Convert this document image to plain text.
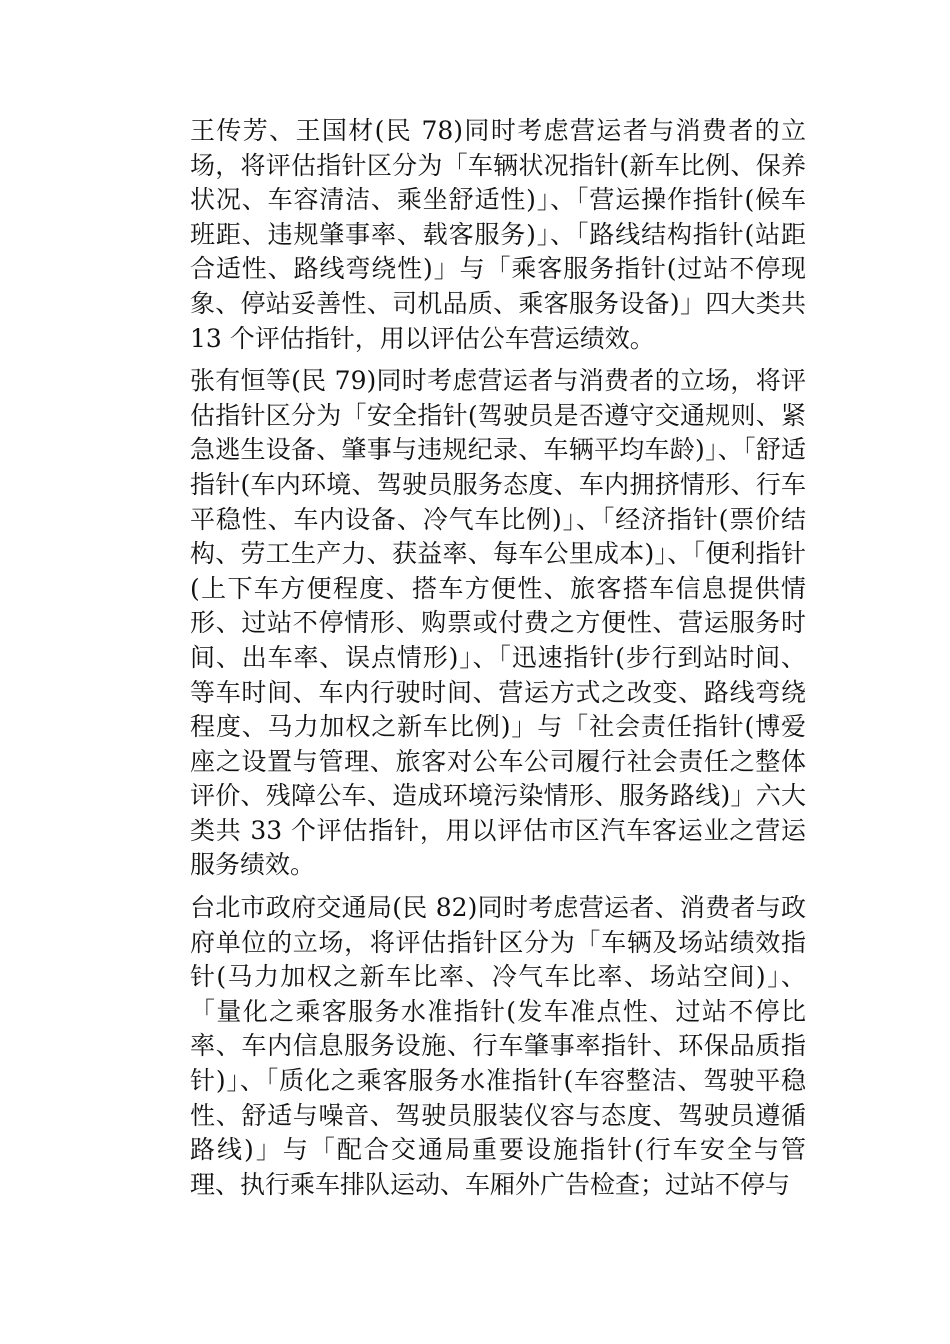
王传芳、王国材(民 78)同时考虑营运者与消费者的立场，将评估指针区分为「车辆状况指针(新车比例、保养状况、车容清洁、乘坐舒适性)」、「营运操作指针(候车班距、违规肇事率、载客服务)」、「路线结构指针(站距合适性、路线弯绕性)」与「乘客服务指针(过站不停现象、停站妥善性、司机品质、乘客服务设备)」四大类共 13 个评估指针，用以评估公车营运绩效。

张有恒等(民 79)同时考虑营运者与消费者的立场，将评估指针区分为「安全指针(驾驶员是否遵守交通规则、紧急逃生设备、肇事与违规纪录、车辆平均车龄)」、「舒适指针(车内环境、驾驶员服务态度、车内拥挤情形、行车平稳性、车内设备、冷气车比例)」、「经济指针(票价结构、劳工生产力、获益率、每车公里成本)」、「便利指针(上下车方便程度、搭车方便性、旅客搭车信息提供情形、过站不停情形、购票或付费之方便性、营运服务时间、出车率、误点情形)」、「迅速指针(步行到站时间、等车时间、车内行驶时间、营运方式之改变、路线弯绕程度、马力加权之新车比例)」与「社会责任指针(博爱座之设置与管理、旅客对公车公司履行社会责任之整体评价、残障公车、造成环境污染情形、服务路线)」六大类共 33 个评估指针，用以评估市区汽车客运业之营运服务绩效。

台北市政府交通局(民 82)同时考虑营运者、消费者与政府单位的立场，将评估指针区分为「车辆及场站绩效指针(马力加权之新车比率、冷气车比率、场站空间)」、「量化之乘客服务水准指针(发车准点性、过站不停比率、车内信息服务设施、行车肇事率指针、环保品质指针)」、「质化之乘客服务水准指针(车容整洁、驾驶平稳性、舒适与噪音、驾驶员服装仪容与态度、驾驶员遵循路线)」与「配合交通局重要设施指针(行车安全与管理、执行乘车排队运动、车厢外广告检查；过站不停与
